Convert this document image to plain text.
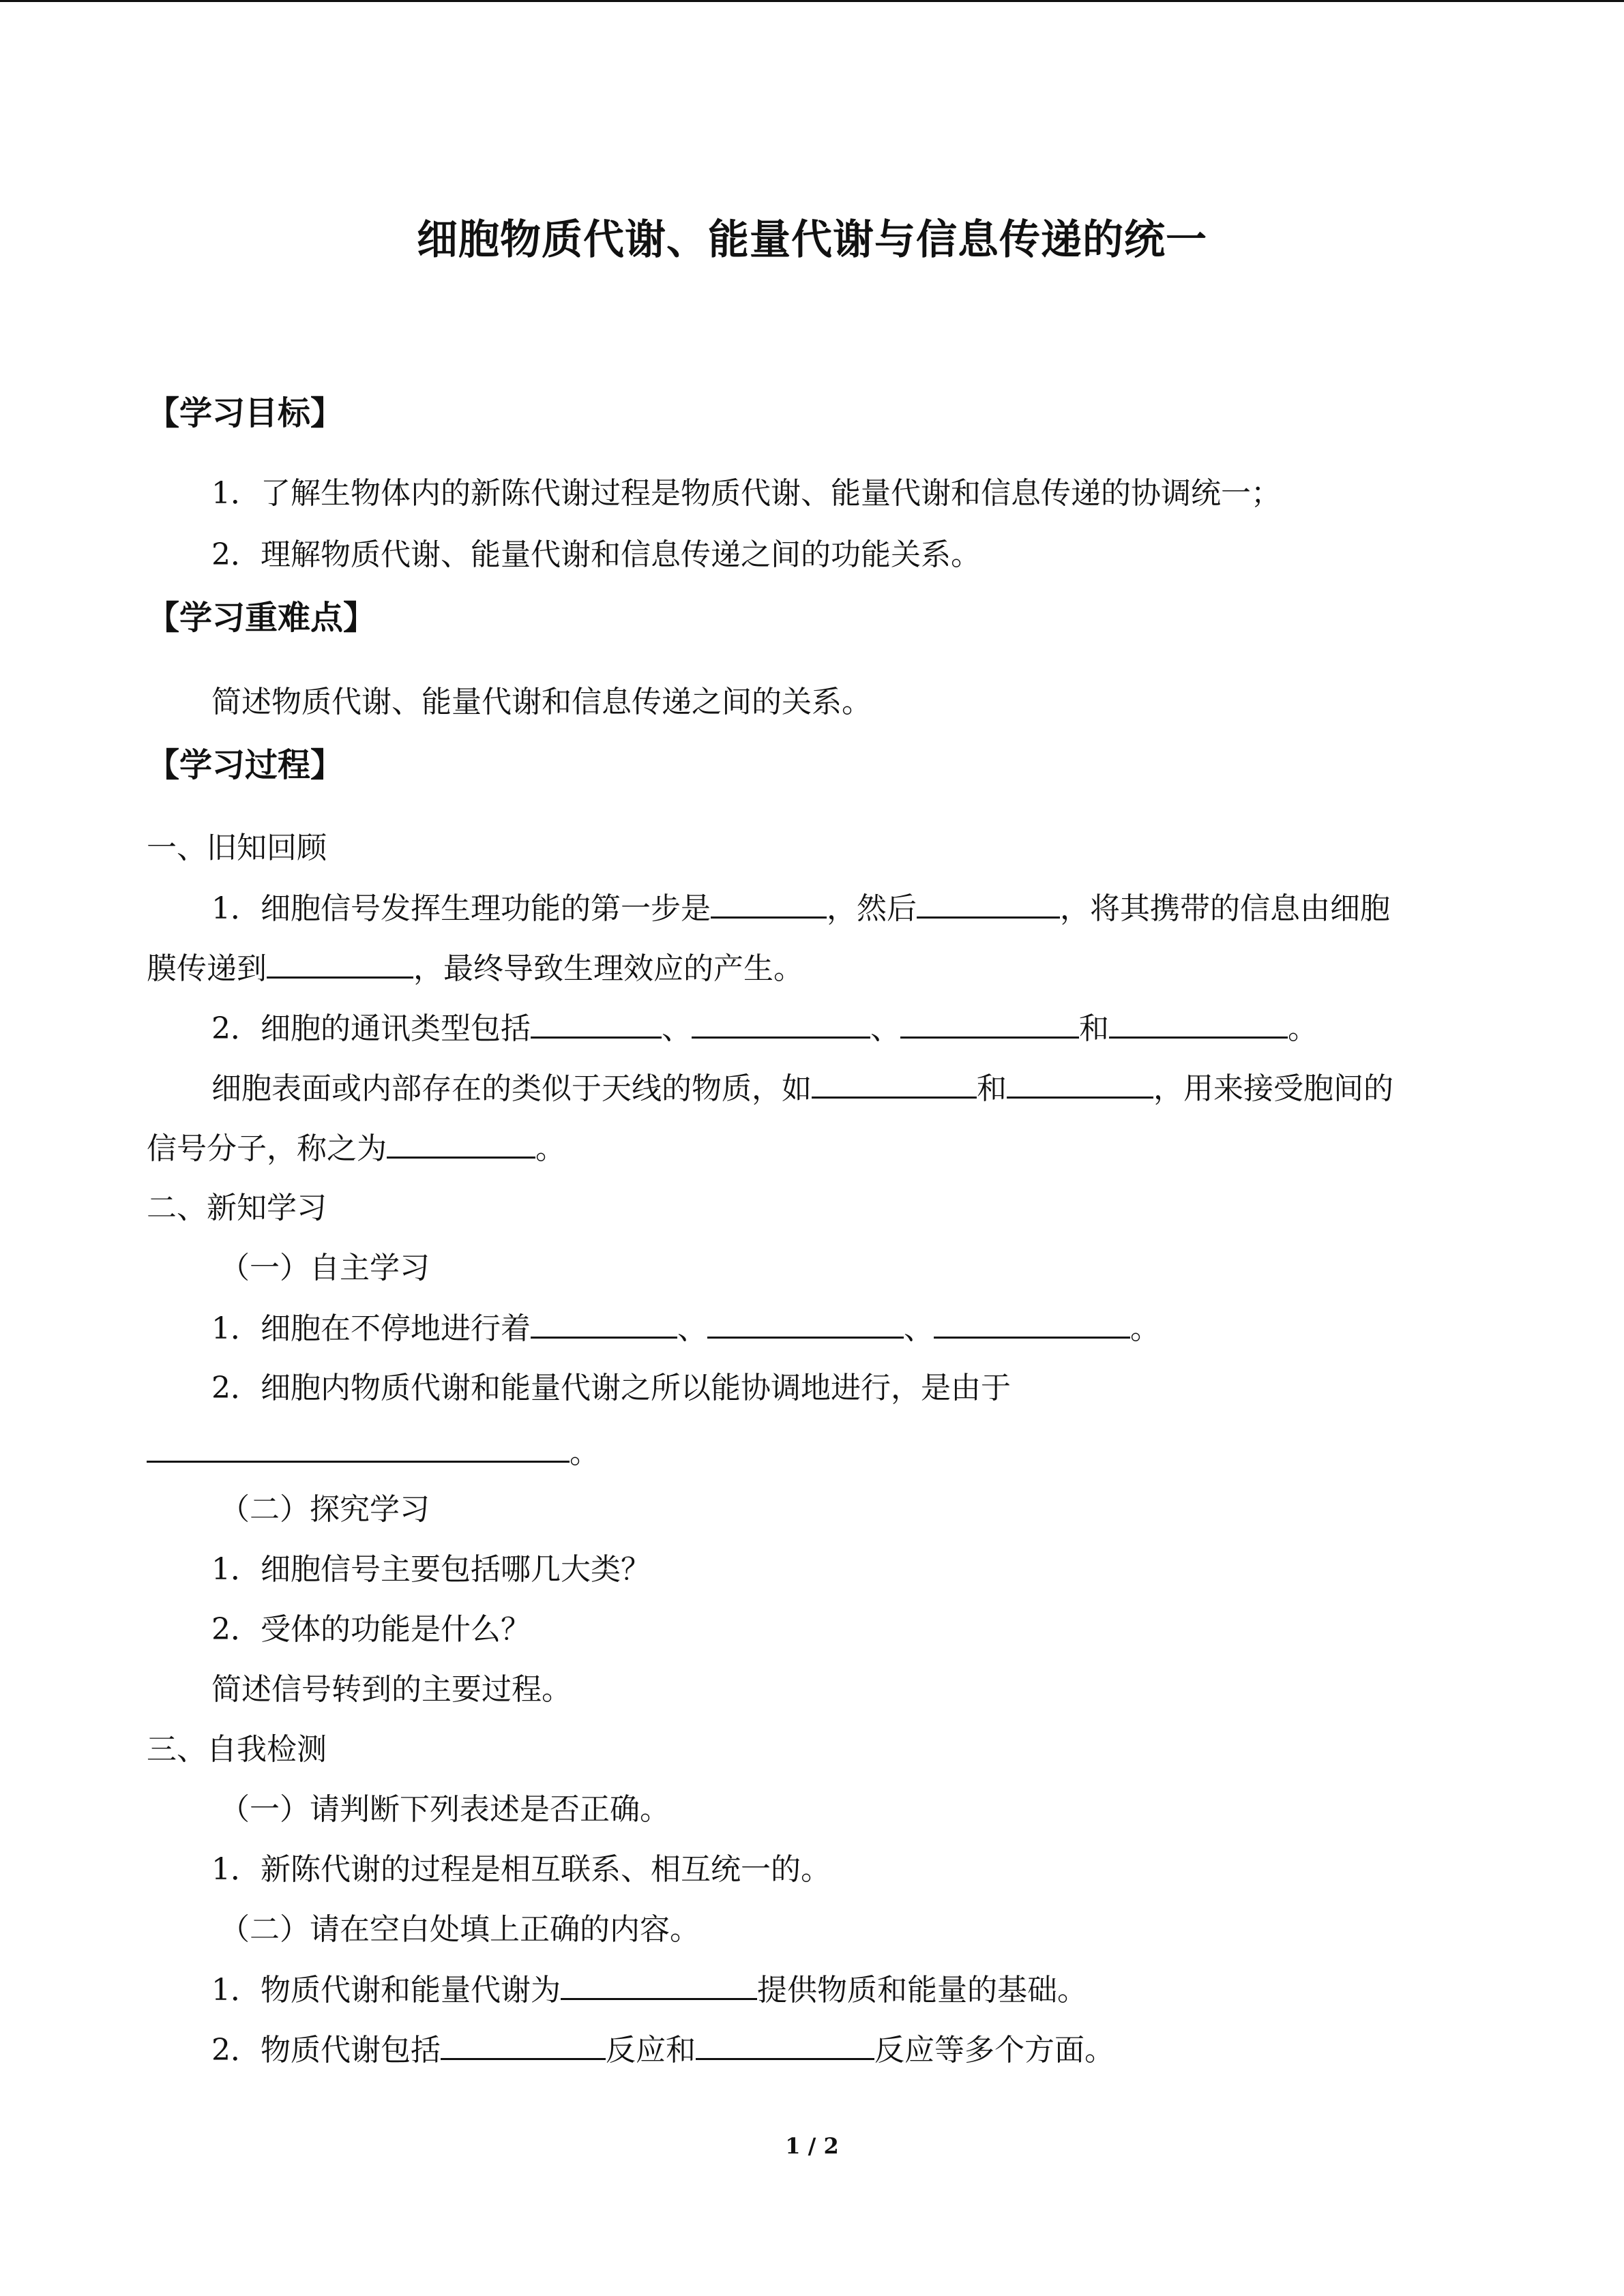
细胞物质代谢、能量代谢与信息传递的统一
【学习目标】
1．了解生物体内的新陈代谢过程是物质代谢、能量代谢和信息传递的协调统一；
2．理解物质代谢、能量代谢和信息传递之间的功能关系。
【学习重难点】
简述物质代谢、能量代谢和信息传递之间的关系。
【学习过程】
一、旧知回顾
1．细胞信号发挥生理功能的第一步是	，然后	，将其携带的信息由细胞
膜传递到	，最终导致生理效应的产生。
2．细胞的通讯类型包括	、	、	和	。
细胞表面或内部存在的类似于天线的物质，如	和	，用来接受胞间的
信号分子，称之为	。
二、新知学习
（一）自主学习
1．细胞在不停地进行着	、	、	。
2．细胞内物质代谢和能量代谢之所以能协调地进行，是由于
。
（二）探究学习
1．细胞信号主要包括哪几大类？
2．受体的功能是什么？
简述信号转到的主要过程。
三、自我检测
（一）请判断下列表述是否正确。
1．新陈代谢的过程是相互联系、相互统一的。
（二）请在空白处填上正确的内容。
1．物质代谢和能量代谢为	提供物质和能量的基础。
2．物质代谢包括	反应和	反应等多个方面。
1 / 2
